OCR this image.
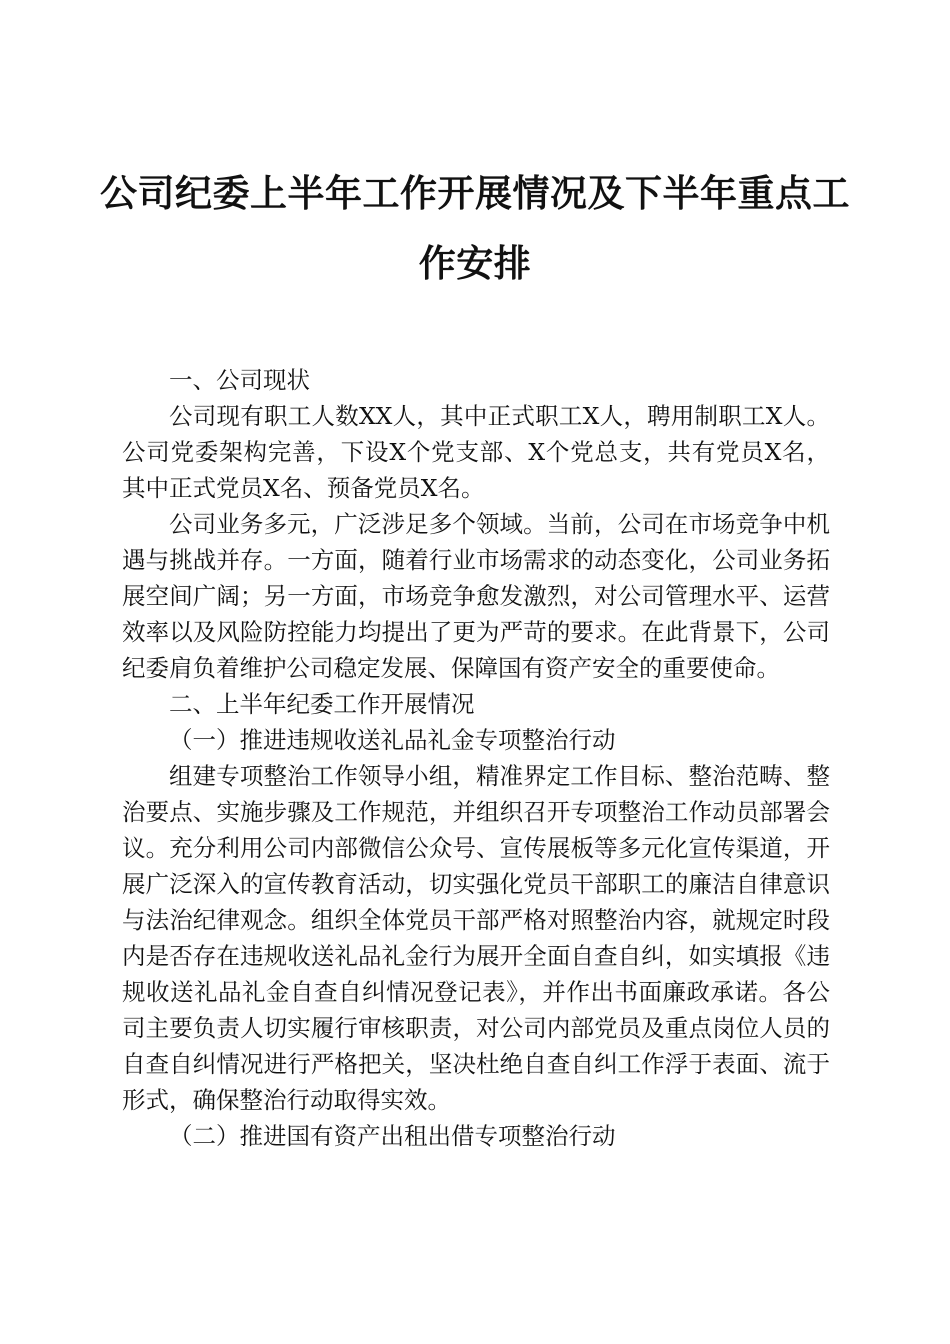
公司纪委上半年工作开展情况及下半年重点工
作安排

一、公司现状

公司现有职工人数XX人，其中正式职工X人，聘用制职工X人。公司党委架构完善，下设X个党支部、X个党总支，共有党员X名，其中正式党员X名、预备党员X名。

公司业务多元，广泛涉足多个领域。当前，公司在市场竞争中机遇与挑战并存。一方面，随着行业市场需求的动态变化，公司业务拓展空间广阔；另一方面，市场竞争愈发激烈，对公司管理水平、运营效率以及风险防控能力均提出了更为严苛的要求。在此背景下，公司纪委肩负着维护公司稳定发展、保障国有资产安全的重要使命。

二、上半年纪委工作开展情况

（一）推进违规收送礼品礼金专项整治行动

组建专项整治工作领导小组，精准界定工作目标、整治范畴、整治要点、实施步骤及工作规范，并组织召开专项整治工作动员部署会议。充分利用公司内部微信公众号、宣传展板等多元化宣传渠道，开展广泛深入的宣传教育活动，切实强化党员干部职工的廉洁自律意识与法治纪律观念。组织全体党员干部严格对照整治内容，就规定时段内是否存在违规收送礼品礼金行为展开全面自查自纠，如实填报《违规收送礼品礼金自查自纠情况登记表》，并作出书面廉政承诺。各公司主要负责人切实履行审核职责，对公司内部党员及重点岗位人员的自查自纠情况进行严格把关，坚决杜绝自查自纠工作浮于表面、流于形式，确保整治行动取得实效。

（二）推进国有资产出租出借专项整治行动
